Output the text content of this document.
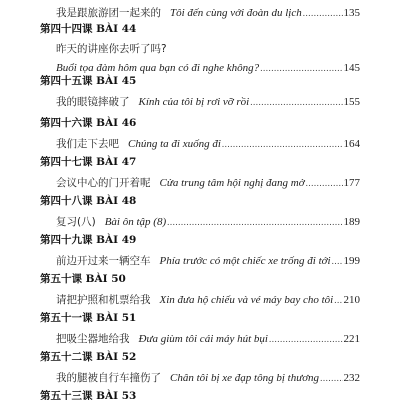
我是跟旅游团一起来的 Tôi đến cùng với đoàn du lịch .....	135
第四十四课 BÀI 44
昨天的讲座你去听了吗?
Buổi tọa đàm hôm qua bạn có đi nghe không? .....	145
第四十五课 BÀI 45
我的眼镜摔破了 Kính của tôi bị rơi vỡ rồi .....	155
第四十六课 BÀI 46
我们走下去吧 Chúng ta đi xuống đi .....	164
第四十七课 BÀI 47
会议中心的门开着呢 Cửa trung tâm hội nghị đang mở .....	177
第四十八课 BÀI 48
复习(八) Bài ôn tập (8) .....	189
第四十九课 BÀI 49
前边开过来一辆空车 Phía trước có một chiếc xe trống đi tới ..... 199
第五十课 BÀI 50
请把护照和机票给我 Xin đưa hộ chiếu và vé máy bay cho tôi ..... 210
第五十一课 BÀI 51
把吸尘器地给我 Đưa giùm tôi cái máy hút bụi .....	221
第五十二课 BÀI 52
我的腿被自行车撞伤了 Chân tôi bị xe đạp tông bị thương ..... 232
第五十三课 BÀI 53
